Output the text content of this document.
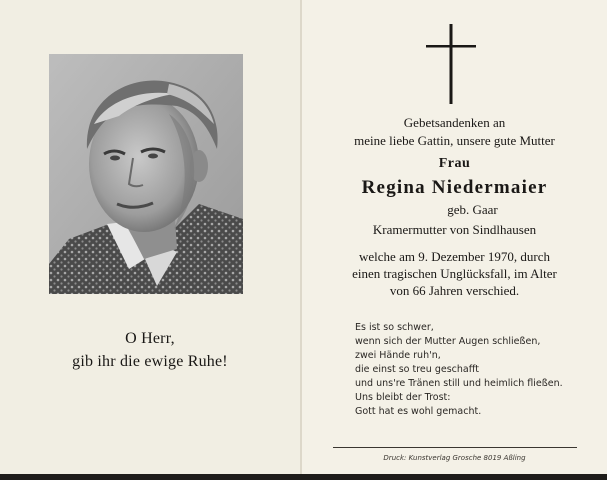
O Herr,
gib ihr die ewige Ruhe!
Gebetsandenken an
meine liebe Gattin, unsere gute Mutter
Frau
Regina Niedermaier
geb. Gaar
Kramermutter von Sindlhausen
welche am 9. Dezember 1970, durch
einen tragischen Unglücksfall, im Alter
von 66 Jahren verschied.
Es ist so schwer,
wenn sich der Mutter Augen schließen,
zwei Hände ruh'n,
die einst so treu geschafft
und uns're Tränen still und heimlich fließen.
Uns bleibt der Trost:
Gott hat es wohl gemacht.
Druck: Kunstverlag Grosche 8019 Aßling
